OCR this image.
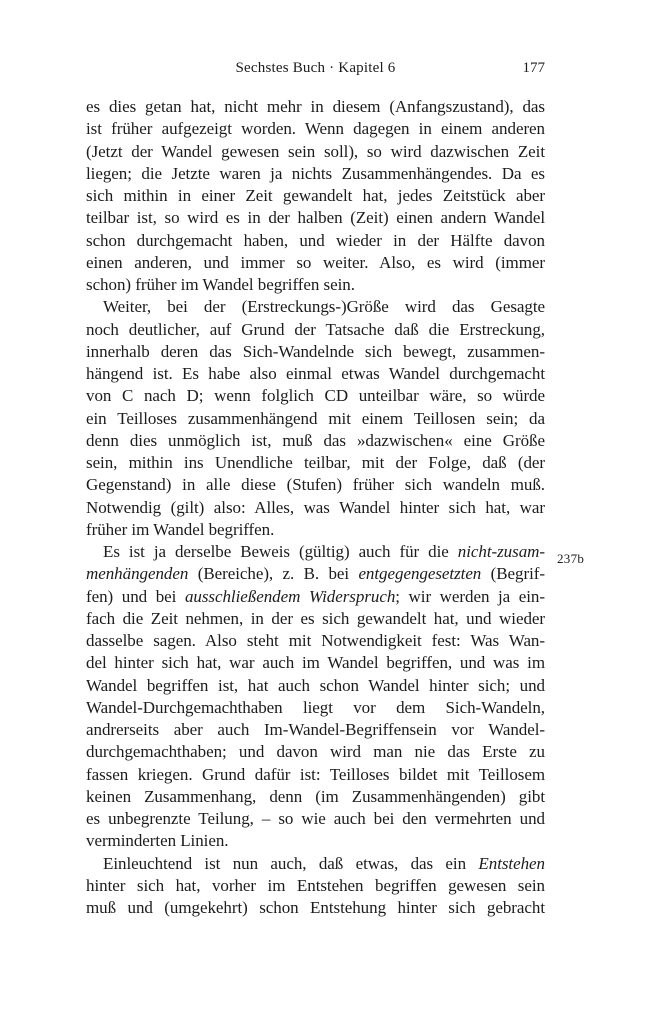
Sechstes Buch · Kapitel 6	177
es dies getan hat, nicht mehr in diesem (Anfangszustand), das
ist früher aufgezeigt worden. Wenn dagegen in einem anderen
(Jetzt der Wandel gewesen sein soll), so wird dazwischen Zeit
liegen; die Jetzte waren ja nichts Zusammenhängendes. Da es
sich mithin in einer Zeit gewandelt hat, jedes Zeitstück aber
teilbar ist, so wird es in der halben (Zeit) einen andern Wandel
schon durchgemacht haben, und wieder in der Hälfte davon
einen anderen, und immer so weiter. Also, es wird (immer
schon) früher im Wandel begriffen sein.
Weiter, bei der (Erstreckungs-)Größe wird das Gesagte
noch deutlicher, auf Grund der Tatsache daß die Erstreckung,
innerhalb deren das Sich-Wandelnde sich bewegt, zusammen-
hängend ist. Es habe also einmal etwas Wandel durchgemacht
von C nach D; wenn folglich CD unteilbar wäre, so würde
ein Teilloses zusammenhängend mit einem Teillosen sein; da
denn dies unmöglich ist, muß das »dazwischen« eine Größe
sein, mithin ins Unendliche teilbar, mit der Folge, daß (der
Gegenstand) in alle diese (Stufen) früher sich wandeln muß.
Notwendig (gilt) also: Alles, was Wandel hinter sich hat, war
früher im Wandel begriffen.
Es ist ja derselbe Beweis (gültig) auch für die nicht-zusam-
menhängenden (Bereiche), z. B. bei entgegengesetzten (Begrif-
fen) und bei ausschließendem Widerspruch; wir werden ja ein-
fach die Zeit nehmen, in der es sich gewandelt hat, und wieder
dasselbe sagen. Also steht mit Notwendigkeit fest: Was Wan-
del hinter sich hat, war auch im Wandel begriffen, und was im
Wandel begriffen ist, hat auch schon Wandel hinter sich; und
Wandel-Durchgemachthaben liegt vor dem Sich-Wandeln,
andrerseits aber auch Im-Wandel-Begriffensein vor Wandel-
durchgemachthaben; und davon wird man nie das Erste zu
fassen kriegen. Grund dafür ist: Teilloses bildet mit Teillosem
keinen Zusammenhang, denn (im Zusammenhängenden) gibt
es unbegrenzte Teilung, – so wie auch bei den vermehrten und
verminderten Linien.
Einleuchtend ist nun auch, daß etwas, das ein Entstehen
hinter sich hat, vorher im Entstehen begriffen gewesen sein
muß und (umgekehrt) schon Entstehung hinter sich gebracht
237b
